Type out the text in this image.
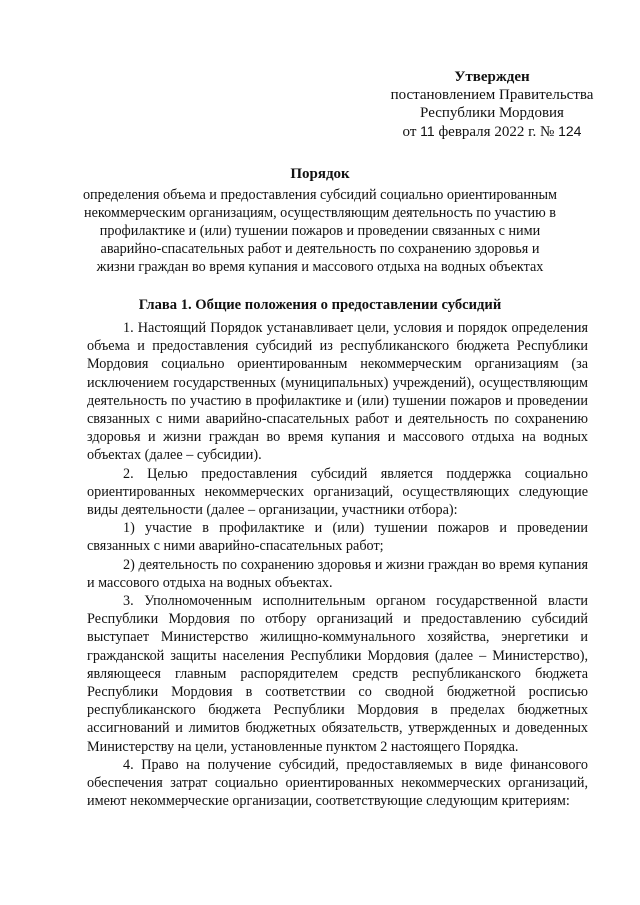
Утвержден
постановлением Правительства
Республики Мордовия
от 11 февраля 2022 г. № 124
Порядок
определения объема и предоставления субсидий социально ориентированным некоммерческим организациям, осуществляющим деятельность по участию в профилактике и (или) тушении пожаров и проведении связанных с ними аварийно-спасательных работ и деятельность по сохранению здоровья и жизни граждан во время купания и массового отдыха на водных объектах
Глава 1. Общие положения о предоставлении субсидий

1. Настоящий Порядок устанавливает цели, условия и порядок определения объема и предоставления субсидий из республиканского бюджета Республики Мордовия социально ориентированным некоммерческим организациям (за исключением государственных (муниципальных) учреждений), осуществляющим деятельность по участию в профилактике и (или) тушении пожаров и проведении связанных с ними аварийно-спасательных работ и деятельность по сохранению здоровья и жизни граждан во время купания и массового отдыха на водных объектах (далее – субсидии).

2. Целью предоставления субсидий является поддержка социально ориентированных некоммерческих организаций, осуществляющих следующие виды деятельности (далее – организации, участники отбора):

1) участие в профилактике и (или) тушении пожаров и проведении связанных с ними аварийно-спасательных работ;

2) деятельность по сохранению здоровья и жизни граждан во время купания и массового отдыха на водных объектах.

3. Уполномоченным исполнительным органом государственной власти Республики Мордовия по отбору организаций и предоставлению субсидий выступает Министерство жилищно-коммунального хозяйства, энергетики и гражданской защиты населения Республики Мордовия (далее – Министерство), являющееся главным распорядителем средств республиканского бюджета Республики Мордовия в соответствии со сводной бюджетной росписью республиканского бюджета Республики Мордовия в пределах бюджетных ассигнований и лимитов бюджетных обязательств, утвержденных и доведенных Министерству на цели, установленные пунктом 2 настоящего Порядка.

4. Право на получение субсидий, предоставляемых в виде финансового обеспечения затрат социально ориентированных некоммерческих организаций, имеют некоммерческие организации, соответствующие следующим критериям:
